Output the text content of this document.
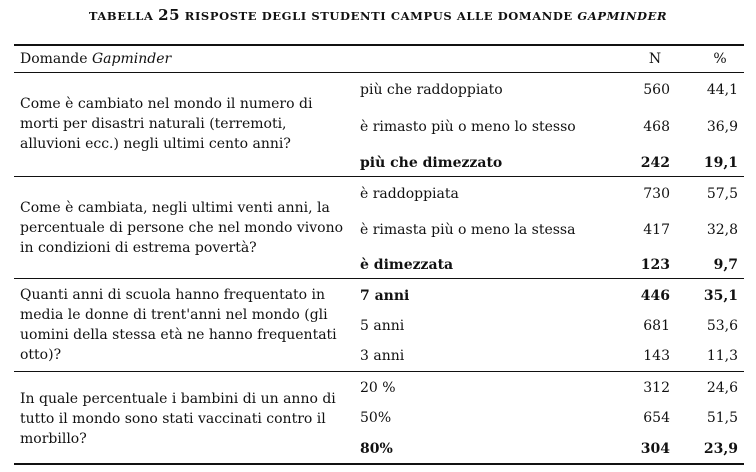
TABELLA 25 RISPOSTE DEGLI STUDENTI CAMPUS ALLE DOMANDE GAPMINDER
Domande Gapminder	N	%
Come è cambiato nel mondo il numero di morti per disastri naturali (terremoti, alluvioni ecc.) negli ultimi cento anni?
più che raddoppiato	560	44,1
è rimasto più o meno lo stesso	468	36,9
più che dimezzato	242	19,1
Come è cambiata, negli ultimi venti anni, la percentuale di persone che nel mondo vivono in condizioni di estrema povertà?
è raddoppiata	730	57,5
è rimasta più o meno la stessa	417	32,8
è dimezzata	123	9,7
Quanti anni di scuola hanno frequentato in media le donne di trent'anni nel mondo (gli uomini della stessa età ne hanno frequentati otto)?
7 anni	446	35,1
5 anni	681	53,6
3 anni	143	11,3
In quale percentuale i bambini di un anno di tutto il mondo sono stati vaccinati contro il morbillo?
20 %	312	24,6
50%	654	51,5
80%	304	23,9
